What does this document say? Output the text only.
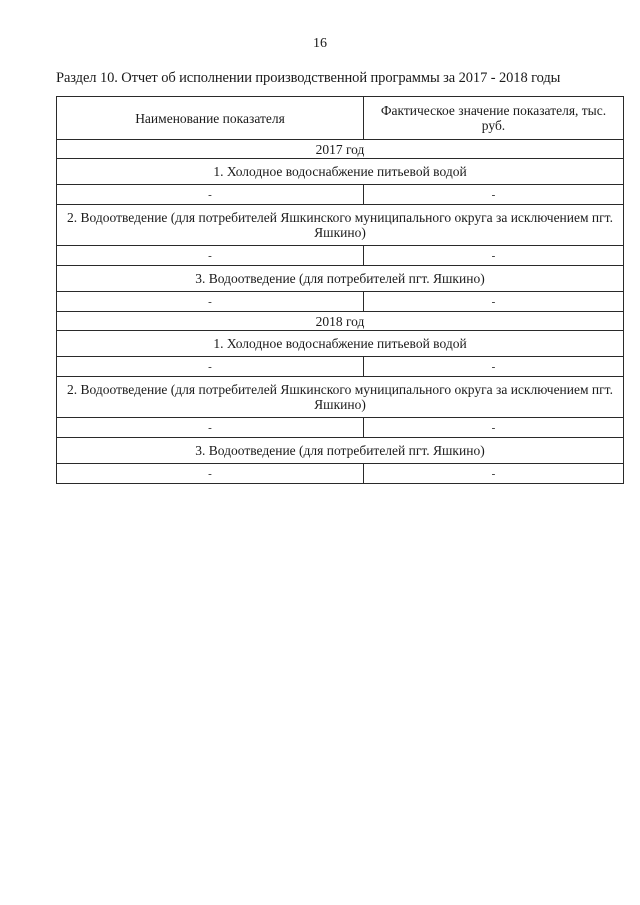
16
Раздел 10. Отчет об исполнении производственной программы за 2017 - 2018 годы
Наименование показателя	Фактическое значение показателя, тыс. руб.
2017 год	
1. Холодное водоснабжение питьевой водой	
-	-
2. Водоотведение (для потребителей Яшкинского муниципального округа за исключением пгт. Яшкино)	
-	-
3. Водоотведение (для потребителей пгт. Яшкино)	
-	-
2018 год	
1. Холодное водоснабжение питьевой водой	
-	-
2. Водоотведение (для потребителей Яшкинского муниципального округа за исключением пгт. Яшкино)	
-	-
3. Водоотведение (для потребителей пгт. Яшкино)	
-	-
